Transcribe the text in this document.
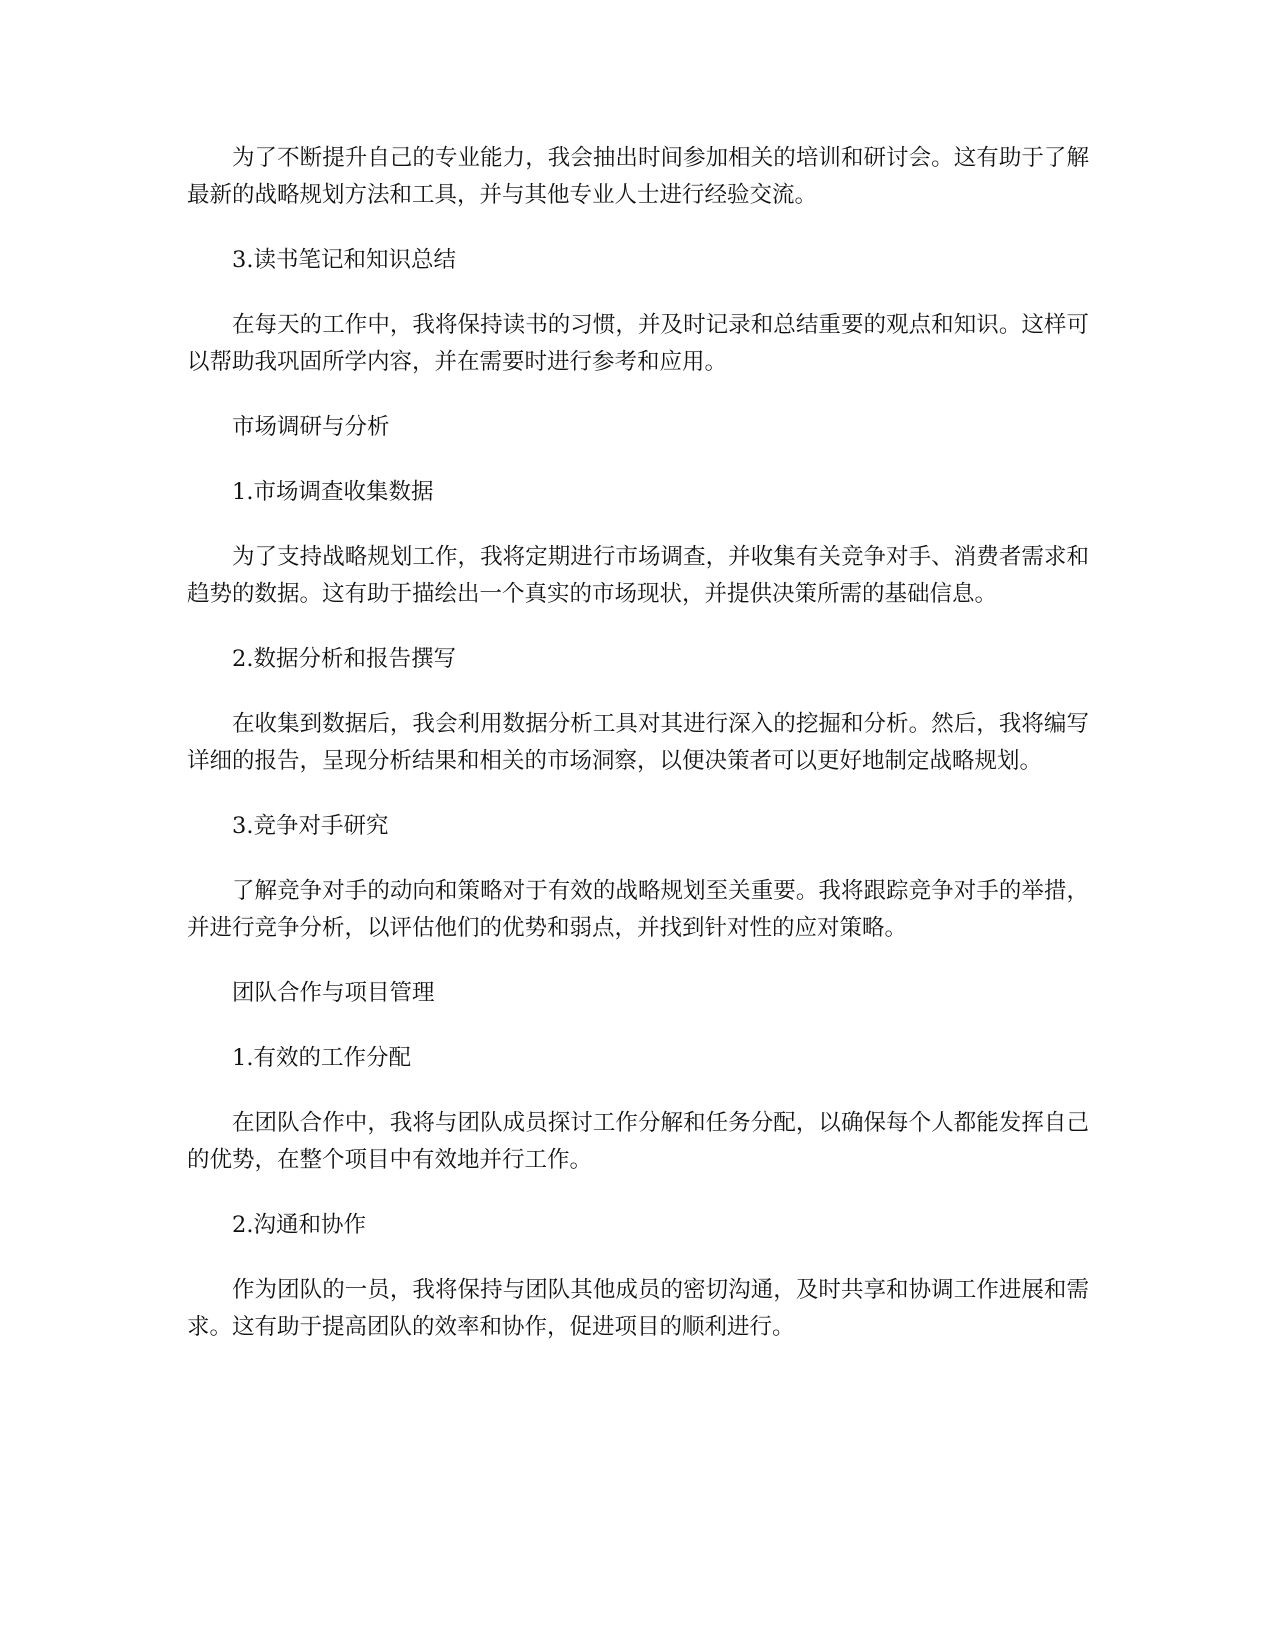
为了不断提升自己的专业能力，我会抽出时间参加相关的培训和研讨会。这有助于了解最新的战略规划方法和工具，并与其他专业人士进行经验交流。

3.读书笔记和知识总结

在每天的工作中，我将保持读书的习惯，并及时记录和总结重要的观点和知识。这样可以帮助我巩固所学内容，并在需要时进行参考和应用。

市场调研与分析

1.市场调查收集数据

为了支持战略规划工作，我将定期进行市场调查，并收集有关竞争对手、消费者需求和趋势的数据。这有助于描绘出一个真实的市场现状，并提供决策所需的基础信息。

2.数据分析和报告撰写

在收集到数据后，我会利用数据分析工具对其进行深入的挖掘和分析。然后，我将编写详细的报告，呈现分析结果和相关的市场洞察，以便决策者可以更好地制定战略规划。

3.竞争对手研究

了解竞争对手的动向和策略对于有效的战略规划至关重要。我将跟踪竞争对手的举措，并进行竞争分析，以评估他们的优势和弱点，并找到针对性的应对策略。

团队合作与项目管理

1.有效的工作分配

在团队合作中，我将与团队成员探讨工作分解和任务分配，以确保每个人都能发挥自己的优势，在整个项目中有效地并行工作。

2.沟通和协作

作为团队的一员，我将保持与团队其他成员的密切沟通，及时共享和协调工作进展和需求。这有助于提高团队的效率和协作，促进项目的顺利进行。
